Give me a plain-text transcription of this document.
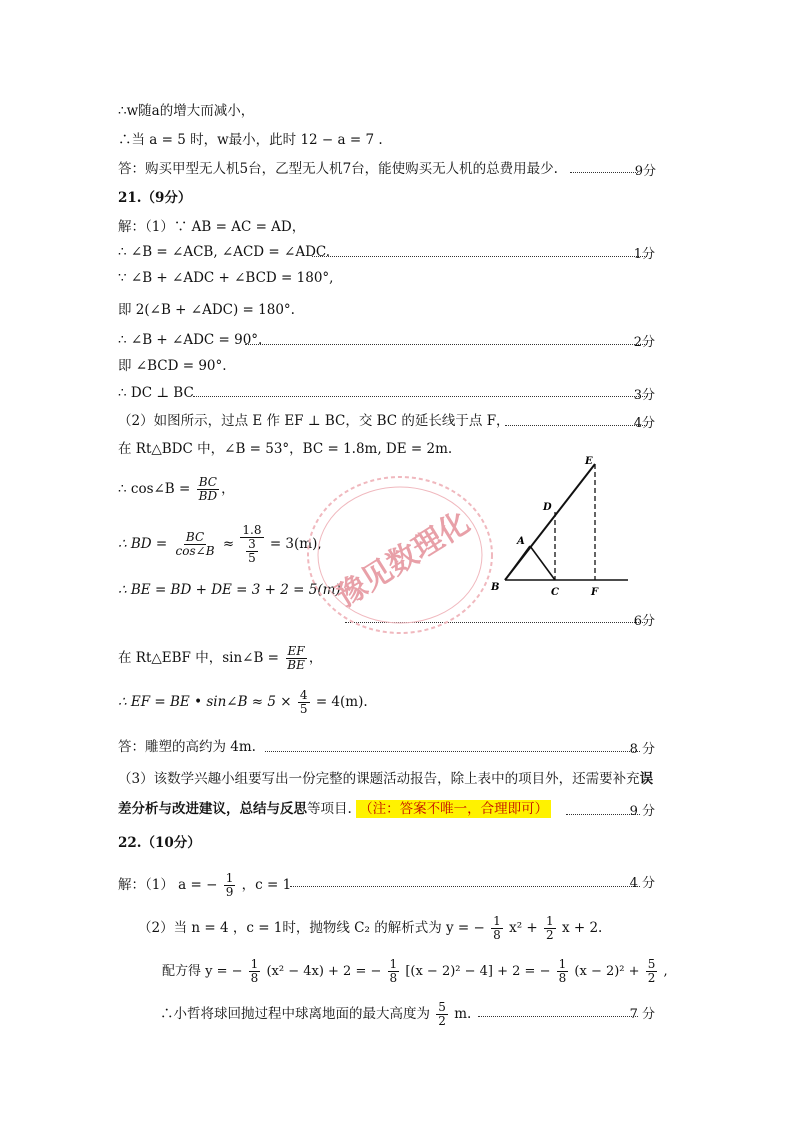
∴w随a的增大而减小，
∴当 a = 5 时，w最小，此时 12 − a = 7 .
答：购买甲型无人机5台，乙型无人机7台，能使购买无人机的总费用最少.	9分
21.（9分）
解：（1）∵ AB = AC = AD，
∴ ∠B = ∠ACB, ∠ACD = ∠ADC.	1分
∵ ∠B + ∠ADC + ∠BCD = 180°,
即 2(∠B + ∠ADC) = 180°.
∴ ∠B + ∠ADC = 90°.	2分
即 ∠BCD = 90°.
∴ DC ⊥ BC	3分
（2）如图所示，过点 E 作 EF ⊥ BC，交 BC 的延长线于点 F，	4分
在 Rt△BDC 中，∠B = 53°，BC = 1.8m, DE = 2m.
∴ cos∠B = $\frac{BC}{BD}$ ，
∴ BD = $\frac{BC}{\cos\angle B} \approx \frac{1.8}{\frac{3}{5}} = 3(m)$,
∴ BE = BD + DE = 3 + 2 = 5(m).
6分
在 Rt△EBF 中，sin∠B = $\frac{EF}{BE}$ ，
∴ EF = BE • sin∠B ≈ $5 \times \frac{4}{5} = 4(m)$.
答：雕塑的高约为 4m.	8 分
（3）该数学兴趣小组要写出一份完整的课题活动报告，除上表中的项目外，还需要补充误
差分析与改进建议，总结与反思等项目. （注：答案不唯一，合理即可）	9 分
22.（10分）
解：（1） a = − $\frac{1}{9}$ ，c = 1	4 分
（2）当 n = 4 ，c = 1时，抛物线 C₂ 的解析式为 y = − $\frac{1}{8} x^2 + \frac{1}{2}$ x + 2.
配方得 y = − $\frac{1}{8} (x^2 - 4x) + 2$ = − $\frac{1}{8} [(x - 2)^2 - 4] + 2$ = − $\frac{1}{8} (x - 2)^2 + \frac{5}{2}$ ,
∴小哲将球回抛过程中球离地面的最大高度为 $\frac{5}{2} m$.	7 分
豫见数理化
E
D
A
B	C	F
